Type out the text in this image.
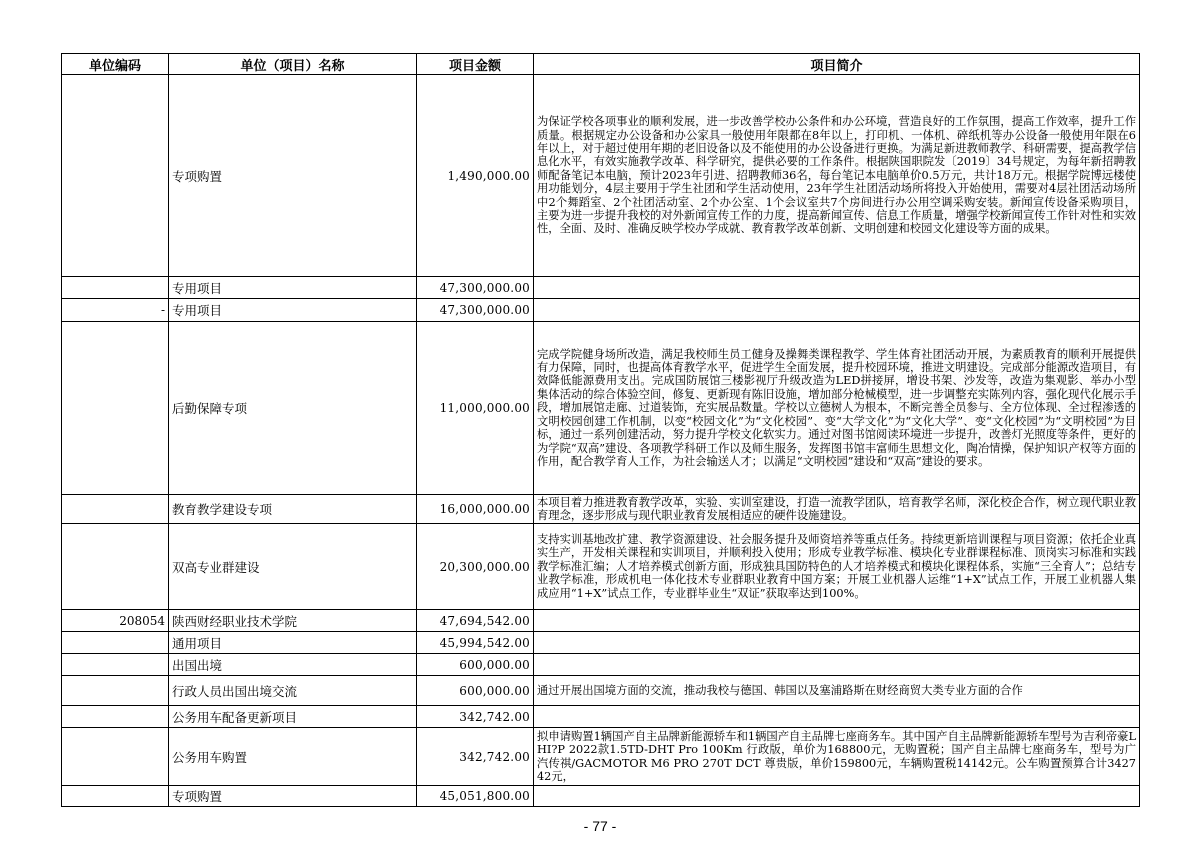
单位编码	单位（项目）名称	项目金额	项目简介
	专项购置	1,490,000.00	为保证学校各项事业的顺利发展，进一步改善学校办公条件和办公环境，营造良好的工作氛围，提高工作效率，提升工作质量。根据规定办公设备和办公家具一般使用年限都在8年以上，打印机、一体机、碎纸机等办公设备一般使用年限在6年以上，对于超过使用年期的老旧设备以及不能使用的办公设备进行更换。为满足新进教师教学、科研需要，提高教学信息化水平，有效实施教学改革、科学研究，提供必要的工作条件。根据陕国职院发〔2019〕34号规定，为每年新招聘教师配备笔记本电脑，预计2023年引进、招聘教师36名，每台笔记本电脑单价0.5万元，共计18万元。根据学院博远楼使用功能划分，4层主要用于学生社团和学生活动使用，23年学生社团活动场所将投入开始使用，需要对4层社团活动场所中2个舞蹈室、2个社团活动室、2个办公室、1个会议室共7个房间进行办公用空调采购安装。新闻宣传设备采购项目，主要为进一步提升我校的对外新闻宣传工作的力度，提高新闻宣传、信息工作质量，增强学校新闻宣传工作针对性和实效性，全面、及时、准确反映学校办学成就、教育教学改革创新、文明创建和校园文化建设等方面的成果。

	专用项目	47,300,000.00	

-	专用项目	47,300,000.00	

	后勤保障专项	11,000,000.00	完成学院健身场所改造，满足我校师生员工健身及操舞类课程教学、学生体育社团活动开展，为素质教育的顺利开展提供有力保障，同时，也提高体育教学水平，促进学生全面发展，提升校园环境，推进文明建设。完成部分能源改造项目，有效降低能源费用支出。完成国防展馆三楼影视厅升级改造为LED拼接屏，增设书架、沙发等，改造为集观影、举办小型集体活动的综合体验空间，修复、更新现有陈旧设施，增加部分枪械模型，进一步调整充实陈列内容，强化现代化展示手段，增加展馆走廊、过道装饰，充实展品数量。学校以立德树人为根本，不断完善全员参与、全方位体现、全过程渗透的文明校园创建工作机制，以变“校园文化”为“文化校园”、变“大学文化”为“文化大学”、变“文化校园”为“文明校园”为目标，通过一系列创建活动，努力提升学校文化软实力。通过对图书馆阅读环境进一步提升，改善灯光照度等条件，更好的为学院“双高”建设、各项教学科研工作以及师生服务，发挥图书馆丰富师生思想文化，陶冶情操，保护知识产权等方面的作用，配合教学育人工作，为社会输送人才；以满足“文明校园”建设和“双高”建设的要求。

	教育教学建设专项	16,000,000.00	本项目着力推进教育教学改革，实验、实训室建设，打造一流教学团队，培育教学名师，深化校企合作，树立现代职业教育理念，逐步形成与现代职业教育发展相适应的硬件设施建设。

	双高专业群建设	20,300,000.00	支持实训基地改扩建、教学资源建设、社会服务提升及师资培养等重点任务。持续更新培训课程与项目资源；依托企业真实生产，开发相关课程和实训项目，并顺利投入使用；形成专业教学标准、模块化专业群课程标准、顶岗实习标准和实践教学标准汇编；人才培养模式创新方面，形成独具国防特色的人才培养模式和模块化课程体系，实施“三全育人”；总结专业教学标准，形成机电一体化技术专业群职业教育中国方案；开展工业机器人运维“1+X”试点工作，开展工业机器人集成应用“1+X”试点工作，专业群毕业生“双证”获取率达到100%。

208054	陕西财经职业技术学院	47,694,542.00	

	通用项目	45,994,542.00	

	出国出境	600,000.00	

	行政人员出国出境交流	600,000.00	通过开展出国境方面的交流，推动我校与德国、韩国以及塞浦路斯在财经商贸大类专业方面的合作

	公务用车配备更新项目	342,742.00	

	公务用车购置	342,742.00	拟申请购置1辆国产自主品牌新能源轿车和1辆国产自主品牌七座商务车。其中国产自主品牌新能源轿车型号为吉利帝豪L HI?P 2022款1.5TD-DHT Pro 100Km 行政版，单价为168800元，无购置税；国产自主品牌七座商务车，型号为广汽传祺/GACMOTOR M6 PRO 270T DCT 尊贵版，单价159800元，车辆购置税14142元。公车购置预算合计342742元，

	专项购置	45,051,800.00	
- 77 -
